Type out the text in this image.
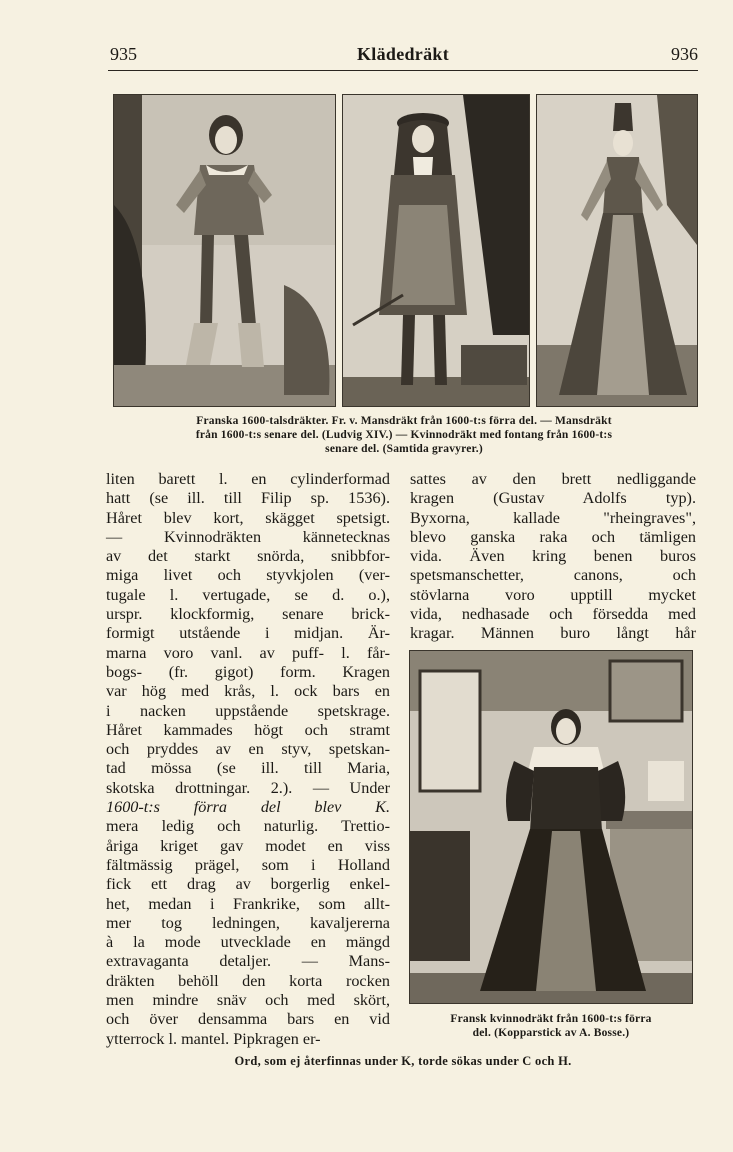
935	Klädedräkt	936
Franska 1600-talsdräkter. Fr. v. Mansdräkt från 1600-t:s förra del. — Mansdräkt
från 1600-t:s senare del. (Ludvig XIV.) — Kvinnodräkt med fontang från 1600-t:s
senare del. (Samtida gravyrer.)

liten barett l. en cylinderformad

hatt (se ill. till Filip sp. 1536).

Håret blev kort, skägget spetsigt.

— Kvinnodräkten kännetecknas

av det starkt snörda, snibbfor-

miga livet och styvkjolen (ver-

tugale l. vertugade, se d. o.),

urspr. klockformig, senare brick-

formigt utstående i midjan. Är-

marna voro vanl. av puff- l. får-

bogs- (fr. gigot) form. Kragen

var hög med krås, l. ock bars en

i nacken uppstående spetskrage.

Håret kammades högt och stramt

och pryddes av en styv, spetskan-

tad mössa (se ill. till Maria,

skotska drottningar. 2.). — Under

1600-t:s förra del blev K.

mera ledig och naturlig. Trettio-

åriga kriget gav modet en viss

fältmässig prägel, som i Holland

fick ett drag av borgerlig enkel-

het, medan i Frankrike, som allt-

mer tog ledningen, kavaljererna

à la mode utvecklade en mängd

extravaganta detaljer. — Mans-

dräkten behöll den korta rocken

men mindre snäv och med skört,

och över densamma bars en vid

ytterrock l. mantel. Pipkragen er-

sattes av den brett nedliggande

kragen (Gustav Adolfs typ).

Byxorna, kallade "rheingraves",

blevo ganska raka och tämligen

vida. Även kring benen buros

spetsmanschetter, canons, och

stövlarna voro upptill mycket

vida, nedhasade och försedda med

kragar. Männen buro långt hår

Fransk kvinnodräkt från 1600-t:s förra
del. (Kopparstick av A. Bosse.)
Ord, som ej återfinnas under K, torde sökas under C och H.
